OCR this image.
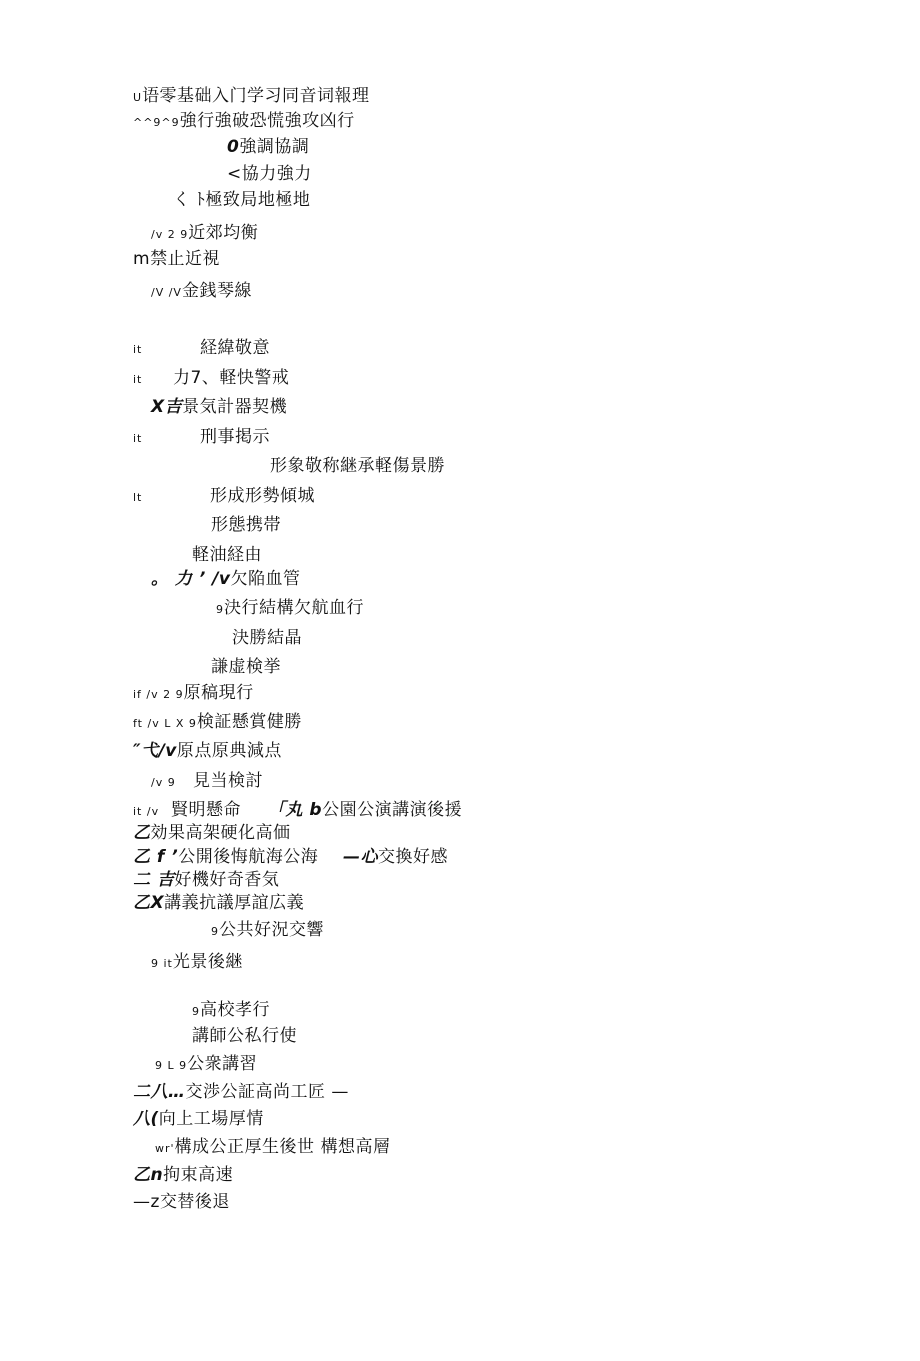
U语零基础入门学习同音词報理
^^9^9強行強破恐慌強攻凶行
0強調協調
<協力強力
く ﾄ極致局地極地
/v 2 9近郊均衡
m禁止近視
/V /V金銭琴線
it	経緯敬意
it 力7、軽快警戒
X吉景気計器契機
it	刑事掲示
形象敬称継承軽傷景勝
lt	形成形勢傾城
形態携帯
軽油経由
。 力 ’ /v欠陥血管
9決行結構欠航血行
決勝結晶
謙虚検挙
if /v 2 9原稿現行
ft /v L X 9検証懸賞健勝
″弋/v原点原典減点
/v 9 見当検討
it /v 賢明懸命 「丸 b公園公演講演後援
乙効果高架硬化高価
乙 f ’公開後悔航海公海 —心交換好感
二 吉好機好奇香気
乙X講義抗議厚誼広義
9公共好況交響
9 it光景後継
9高校孝行
講師公私行使
9 L 9公衆講習
二八…交渉公証高尚工匠 —
八(向上工場厚情
wr'構成公正厚生後世 構想高層
乙n拘束高速
—z交替後退
